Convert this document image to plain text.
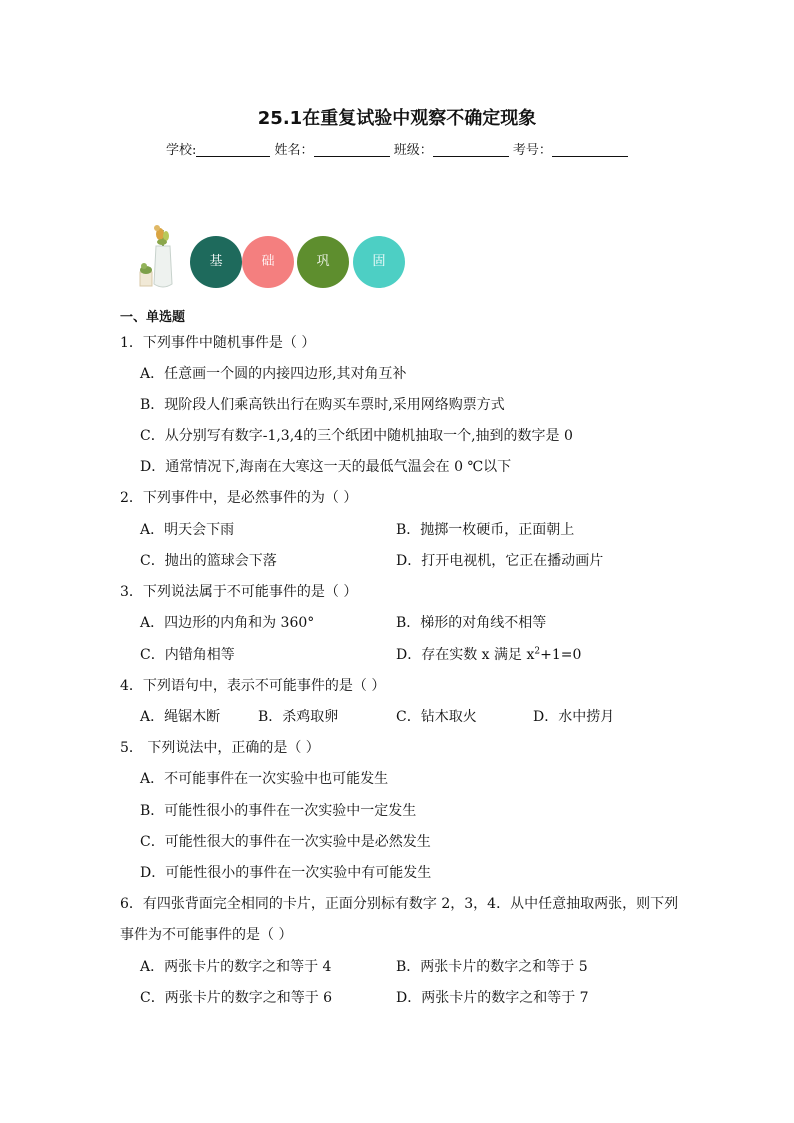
25.1在重复试验中观察不确定现象
学校:	姓名：	班级：	考号：
基	础	巩	固
一、单选题
1．下列事件中随机事件是（ ）
A．任意画一个圆的内接四边形,其对角互补
B．现阶段人们乘高铁出行在购买车票时,采用网络购票方式
C．从分别写有数字-1,3,4的三个纸团中随机抽取一个,抽到的数字是 0
D．通常情况下,海南在大寒这一天的最低气温会在 0 ℃以下
2．下列事件中，是必然事件的为（ ）
A．明天会下雨	B．抛掷一枚硬币，正面朝上
C．抛出的篮球会下落	D．打开电视机，它正在播动画片
3．下列说法属于不可能事件的是（ ）
A．四边形的内角和为 360°	B．梯形的对角线不相等
C．内错角相等	D．存在实数 x 满足 $x^2+1=0$
4．下列语句中，表示不可能事件的是（ ）
A．绳锯木断	B．杀鸡取卵	C．钻木取火	D．水中捞月
5． 下列说法中，正确的是（ ）
A．不可能事件在一次实验中也可能发生
B．可能性很小的事件在一次实验中一定发生
C．可能性很大的事件在一次实验中是必然发生
D．可能性很小的事件在一次实验中有可能发生
6．有四张背面完全相同的卡片，正面分别标有数字 2，3，4．从中任意抽取两张，则下列
事件为不可能事件的是（ ）
A．两张卡片的数字之和等于 4	B．两张卡片的数字之和等于 5
C．两张卡片的数字之和等于 6	D．两张卡片的数字之和等于 7
